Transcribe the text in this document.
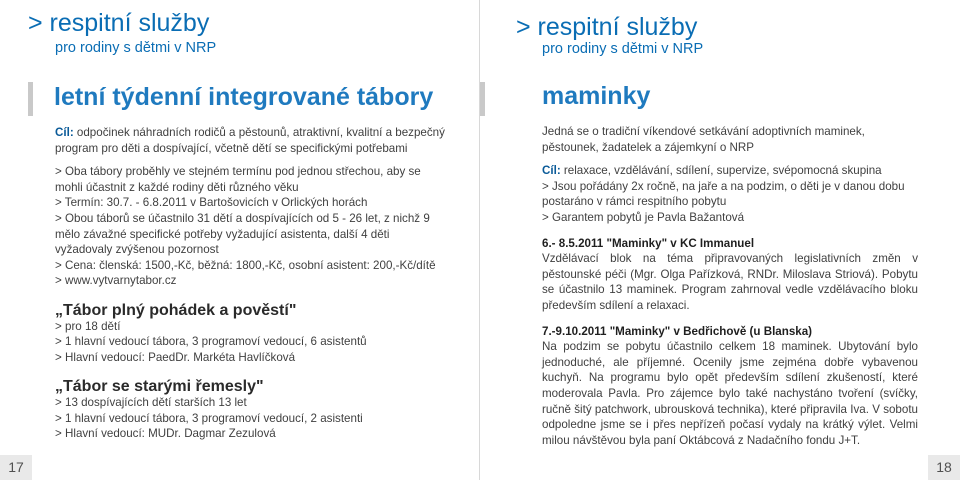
> respitní služby
pro rodiny s dětmi v NRP
letní týdenní integrované tábory

Cíl: odpočinek náhradních rodičů a pěstounů, atraktivní, kvalitní a bezpečný program pro děti a dospívající, včetně dětí se specifickými potřebami

> Oba tábory proběhly ve stejném termínu pod jednou střechou, aby se mohli účastnit z každé rodiny děti různého věku

> Termín: 30.7. - 6.8.2011 v Bartošovicích v Orlických horách

> Obou táborů se účastnilo 31 dětí a dospívajících od 5 - 26 let, z nichž 9 mělo závažné specifické potřeby vyžadující asistenta, další 4 děti vyžadovaly zvýšenou pozornost

> Cena: členská: 1500,-Kč, běžná: 1800,-Kč, osobní asistent: 200,-Kč/dítě

> www.vytvarnytabor.cz

„Tábor plný pohádek a pověstí"

> pro 18 dětí

> 1 hlavní vedoucí tábora, 3 programoví vedoucí, 6 asistentů

> Hlavní vedoucí: PaedDr. Markéta Havlíčková

„Tábor se starými řemesly"

> 13 dospívajících dětí starších 13 let

> 1 hlavní vedoucí tábora, 3 programoví vedoucí, 2 asistenti

> Hlavní vedoucí: MUDr. Dagmar Zezulová

17
> respitní služby
pro rodiny s dětmi v NRP
maminky

Jedná se o tradiční víkendové setkávání adoptivních maminek, pěstounek, žadatelek a zájemkyní o NRP

Cíl: relaxace, vzdělávání, sdílení, supervize, svépomocná skupina

> Jsou pořádány 2x ročně, na jaře a na podzim, o děti je v danou dobu postaráno v rámci respitního pobytu

> Garantem pobytů je Pavla Bažantová

6.- 8.5.2011 "Maminky" v KC Immanuel

Vzdělávací blok na téma připravovaných legislativních změn v pěstounské péči (Mgr. Olga Pařízková, RNDr. Miloslava Striová). Pobytu se účastnilo 13 maminek. Program zahrnoval vedle vzdělávacího bloku především sdílení a relaxaci.

7.-9.10.2011 "Maminky" v Bedřichově (u Blanska)

Na podzim se pobytu účastnilo celkem 18 maminek. Ubytování bylo jednoduché, ale příjemné. Ocenily jsme zejména dobře vybavenou kuchyň. Na programu bylo opět především sdílení zkušeností, které moderovala Pavla. Pro zájemce bylo také nachystáno tvoření (svíčky, ručně šitý patchwork, ubrousková technika), které připravila Iva. V sobotu odpoledne jsme se i přes nepřízeň počasí vydaly na krátký výlet. Velmi milou návštěvou byla paní Oktábcová z Nadačního fondu J+T.

18
